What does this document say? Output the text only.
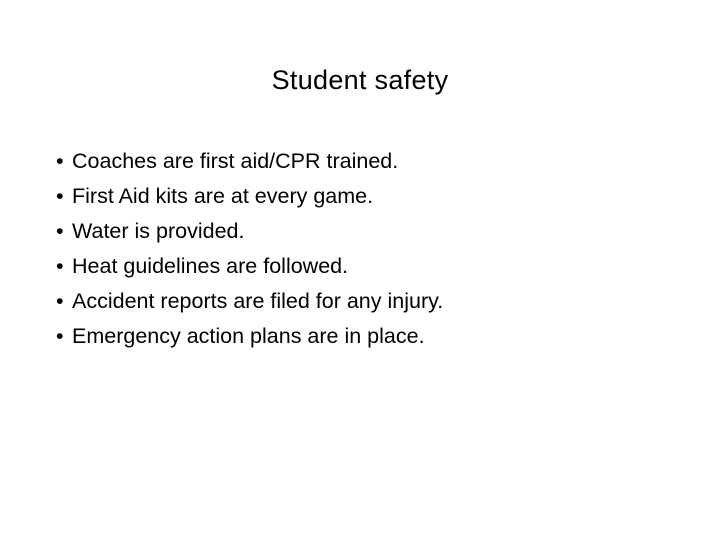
Student safety
• Coaches are first aid/CPR trained.
• First Aid kits are at every game.
• Water is provided.
• Heat guidelines are followed.
• Accident reports are filed for any injury.
• Emergency action plans are in place.
